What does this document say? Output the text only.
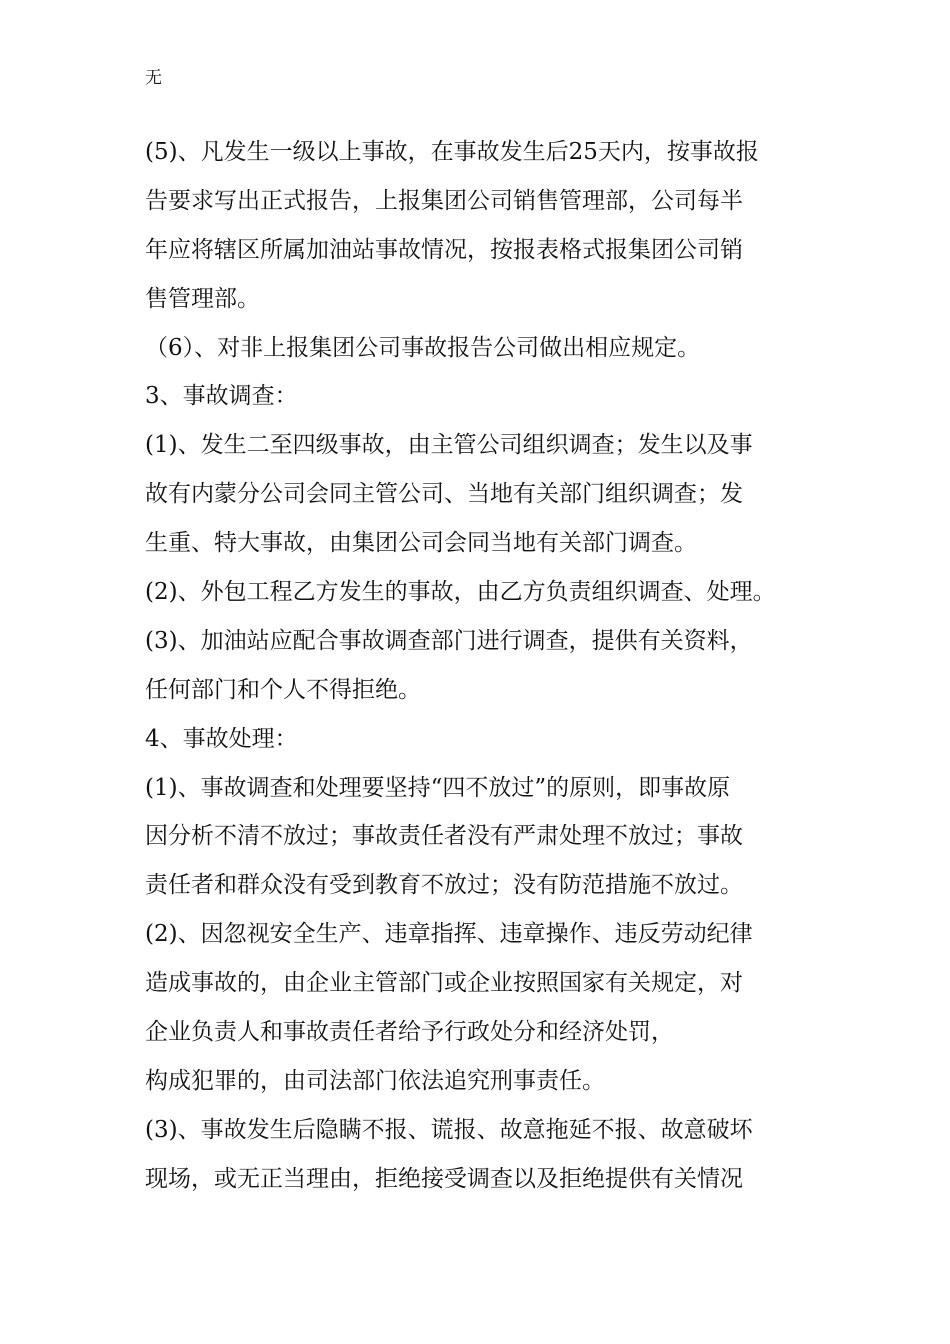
无
(5)、凡发生一级以上事故，在事故发生后25天内，按事故报
告要求写出正式报告，上报集团公司销售管理部，公司每半
年应将辖区所属加油站事故情况，按报表格式报集团公司销
售管理部。
（6）、对非上报集团公司事故报告公司做出相应规定。
3、事故调查：
(1)、发生二至四级事故，由主管公司组织调查；发生以及事
故有内蒙分公司会同主管公司、当地有关部门组织调查；发
生重、特大事故，由集团公司会同当地有关部门调查。
(2)、外包工程乙方发生的事故，由乙方负责组织调查、处理。
(3)、加油站应配合事故调查部门进行调查，提供有关资料，
任何部门和个人不得拒绝。
4、事故处理：
(1)、事故调查和处理要坚持“四不放过”的原则，即事故原
因分析不清不放过；事故责任者没有严肃处理不放过；事故
责任者和群众没有受到教育不放过；没有防范措施不放过。
(2)、因忽视安全生产、违章指挥、违章操作、违反劳动纪律
造成事故的，由企业主管部门或企业按照国家有关规定，对
企业负责人和事故责任者给予行政处分和经济处罚，
构成犯罪的，由司法部门依法追究刑事责任。
(3)、事故发生后隐瞒不报、谎报、故意拖延不报、故意破坏
现场，或无正当理由，拒绝接受调查以及拒绝提供有关情况
